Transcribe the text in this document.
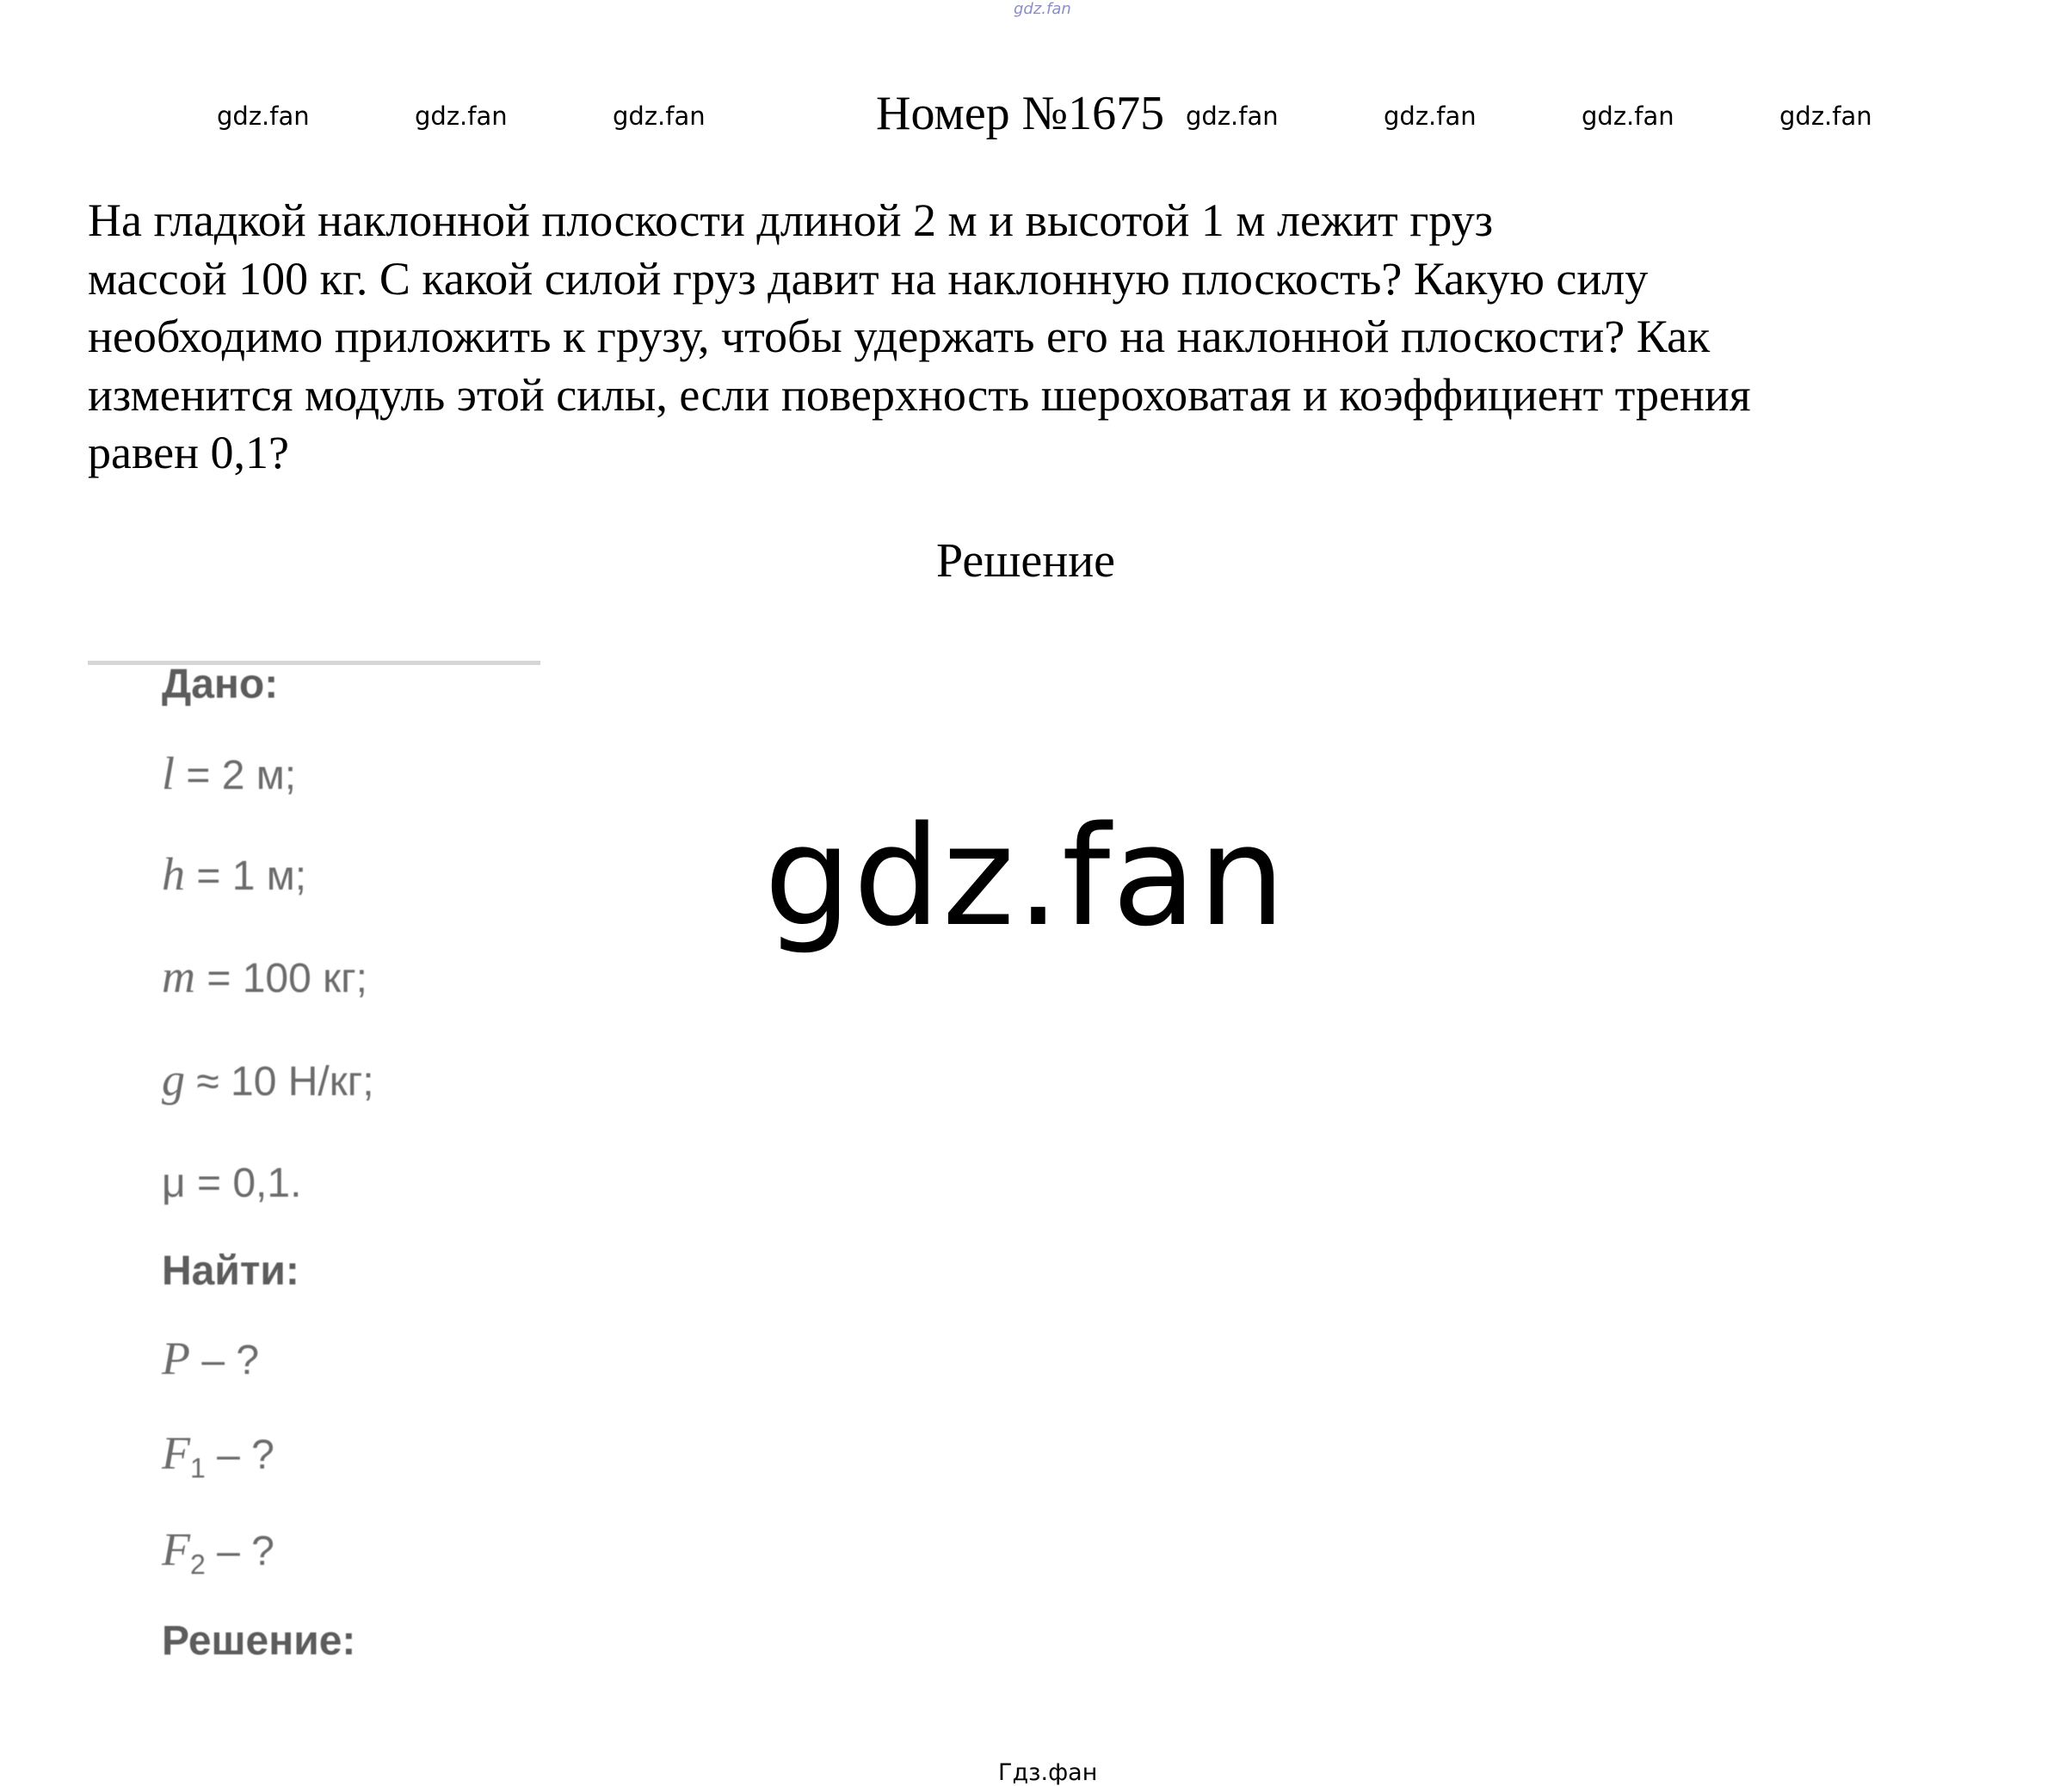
gdz.fan
gdz.fan	gdz.fan	gdz.fan	Номер №1675 gdz.fan	gdz.fan	gdz.fan	gdz.fan
На гладкой наклонной плоскости длиной 2 м и высотой 1 м лежит груз
массой 100 кг. С какой силой груз давит на наклонную плоскость? Какую силу
необходимо приложить к грузу, чтобы удержать его на наклонной плоскости? Как
изменится модуль этой силы, если поверхность шероховатая и коэффициент трения
равен 0,1?
Решение
Дано:
l = 2 м;
h = 1 м;
m = 100 кг;
g ≈ 10 Н/кг;
μ = 0,1.
Найти:
P – ?
$F_1$ – ?
$F_2$ – ?
Решение:
gdz.fan
Гдз.фан
